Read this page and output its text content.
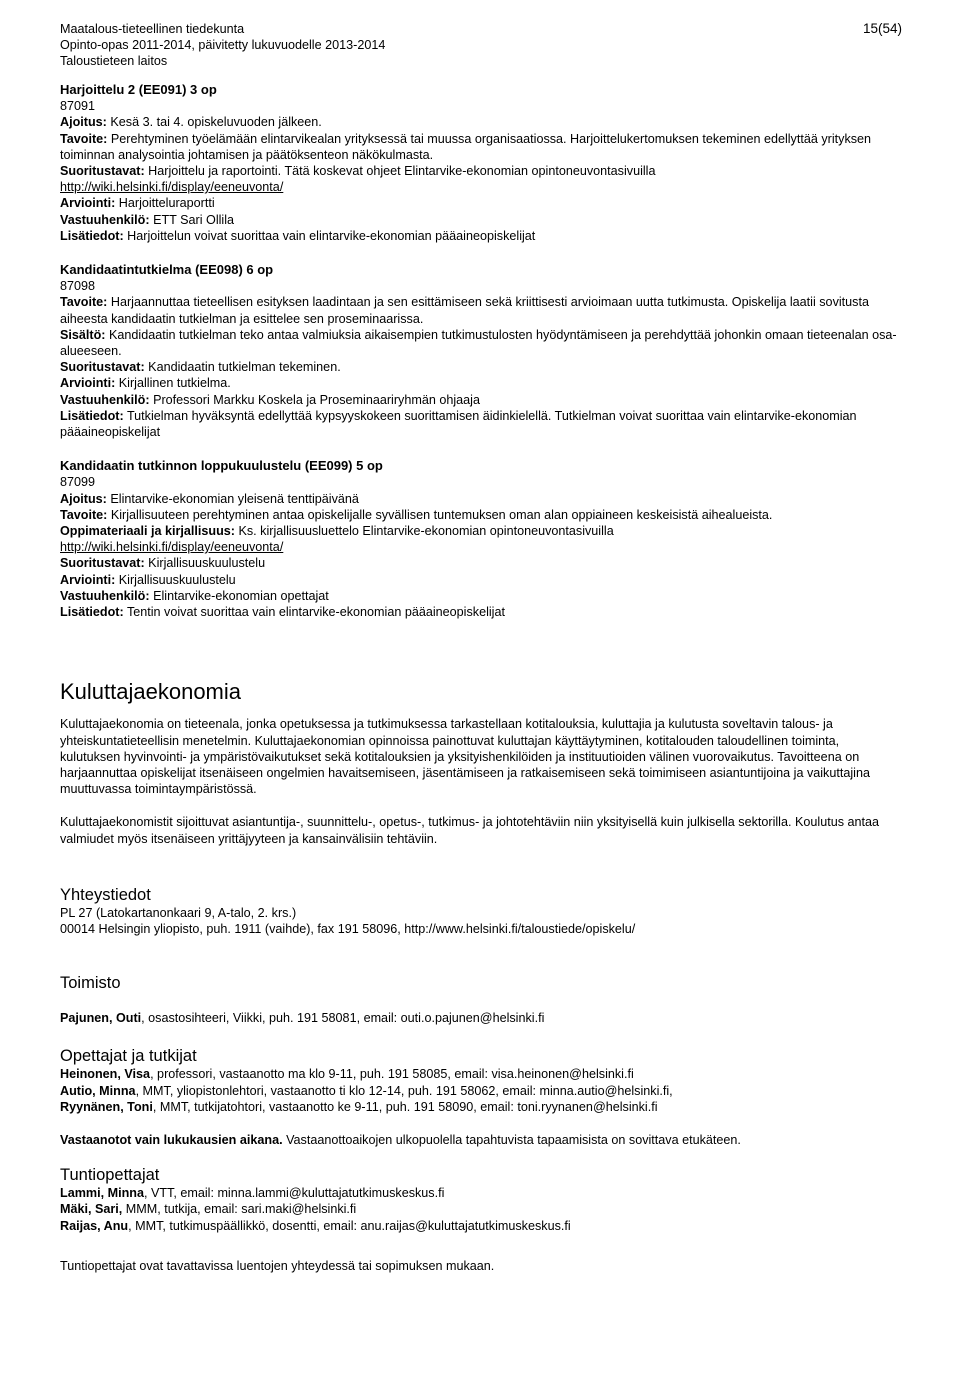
Maatalous-tieteellinen tiedekunta
Opinto-opas 2011-2014, päivitetty lukuvuodelle 2013-2014
Taloustieteen laitos
15(54)
Harjoittelu 2 (EE091) 3 op
87091
Ajoitus: Kesä 3. tai 4. opiskeluvuoden jälkeen.
Tavoite: Perehtyminen työelämään elintarvikealan yrityksessä tai muussa organisaatiossa. Harjoittelukertomuksen tekeminen edellyttää yrityksen toiminnan analysointia johtamisen ja päätöksenteon näkökulmasta.
Suoritustavat: Harjoittelu ja raportointi. Tätä koskevat ohjeet Elintarvike-ekonomian opintoneuvontasivuilla
http://wiki.helsinki.fi/display/eeneuvonta/
Arviointi: Harjoitteluraportti
Vastuuhenkilö: ETT Sari Ollila
Lisätiedot: Harjoittelun voivat suorittaa vain elintarvike-ekonomian pääaineopiskelijat
Kandidaatintutkielma (EE098) 6 op
87098
Tavoite: Harjaannuttaa tieteellisen esityksen laadintaan ja sen esittämiseen sekä kriittisesti arvioimaan uutta tutkimusta. Opiskelija laatii sovitusta aiheesta kandidaatin tutkielman ja esittelee sen proseminaarissa.
Sisältö: Kandidaatin tutkielman teko antaa valmiuksia aikaisempien tutkimustulosten hyödyntämiseen ja perehdyttää johonkin omaan tieteenalan osa-alueeseen.
Suoritustavat: Kandidaatin tutkielman tekeminen.
Arviointi: Kirjallinen tutkielma.
Vastuuhenkilö: Professori Markku Koskela ja Proseminaariryhmän ohjaaja
Lisätiedot: Tutkielman hyväksyntä edellyttää kypsyyskokeen suorittamisen äidinkielellä. Tutkielman voivat suorittaa vain elintarvike-ekonomian pääaineopiskelijat
Kandidaatin tutkinnon loppukuulustelu (EE099) 5 op
87099
Ajoitus: Elintarvike-ekonomian yleisenä tenttipäivänä
Tavoite: Kirjallisuuteen perehtyminen antaa opiskelijalle syvällisen tuntemuksen oman alan oppiaineen keskeisistä aihealueista.
Oppimateriaali ja kirjallisuus: Ks. kirjallisuusluettelo Elintarvike-ekonomian opintoneuvontasivuilla
http://wiki.helsinki.fi/display/eeneuvonta/
Suoritustavat: Kirjallisuuskuulustelu
Arviointi: Kirjallisuuskuulustelu
Vastuuhenkilö: Elintarvike-ekonomian opettajat
Lisätiedot: Tentin voivat suorittaa vain elintarvike-ekonomian pääaineopiskelijat
Kuluttajaekonomia

Kuluttajaekonomia on tieteenala, jonka opetuksessa ja tutkimuksessa tarkastellaan kotitalouksia, kuluttajia ja kulutusta soveltavin talous- ja yhteiskuntatieteellisin menetelmin. Kuluttajaekonomian opinnoissa painottuvat kuluttajan käyttäytyminen, kotitalouden taloudellinen toiminta, kulutuksen hyvinvointi- ja ympäristövaikutukset sekä kotitalouksien ja yksityishenkilöiden ja instituutioiden välinen vuorovaikutus. Tavoitteena on harjaannuttaa opiskelijat itsenäiseen ongelmien havaitsemiseen, jäsentämiseen ja ratkaisemiseen sekä toimimiseen asiantuntijoina ja vaikuttajina muuttuvassa toimintaympäristössä.

Kuluttajaekonomistit sijoittuvat asiantuntija-, suunnittelu-, opetus-, tutkimus- ja johtotehtäviin niin yksityisellä kuin julkisella sektorilla. Koulutus antaa valmiudet myös itsenäiseen yrittäjyyteen ja kansainvälisiin tehtäviin.

Yhteystiedot
PL 27 (Latokartanonkaari 9, A-talo, 2. krs.)
00014 Helsingin yliopisto, puh. 1911 (vaihde), fax 191 58096, http://www.helsinki.fi/taloustiede/opiskelu/
Toimisto
Pajunen, Outi, osastosihteeri, Viikki, puh. 191 58081, email: outi.o.pajunen@helsinki.fi
Opettajat ja tutkijat
Heinonen, Visa, professori, vastaanotto ma klo 9-11, puh. 191 58085, email: visa.heinonen@helsinki.fi
Autio, Minna, MMT, yliopistonlehtori, vastaanotto ti klo 12-14, puh. 191 58062, email: minna.autio@helsinki.fi,
Ryynänen, Toni, MMT, tutkijatohtori, vastaanotto ke 9-11, puh. 191 58090, email: toni.ryynanen@helsinki.fi
Vastaanotot vain lukukausien aikana. Vastaanottoaikojen ulkopuolella tapahtuvista tapaamisista on sovittava etukäteen.
Tuntiopettajat
Lammi, Minna, VTT, email: minna.lammi@kuluttajatutkimuskeskus.fi
Mäki, Sari, MMM, tutkija, email: sari.maki@helsinki.fi
Raijas, Anu, MMT, tutkimuspäällikkö, dosentti, email: anu.raijas@kuluttajatutkimuskeskus.fi
Tuntiopettajat ovat tavattavissa luentojen yhteydessä tai sopimuksen mukaan.
